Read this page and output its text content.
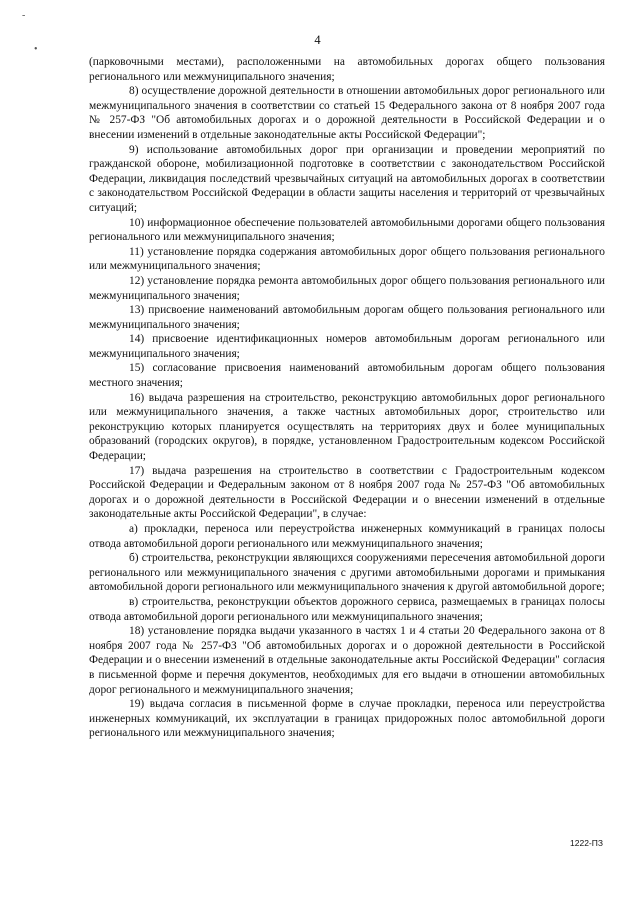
-
•
4

(парковочными местами), расположенными на автомобильных дорогах общего пользования регионального или межмуниципального значения;

8) осуществление дорожной деятельности в отношении автомобильных дорог регионального или межмуниципального значения в соответствии со статьей 15 Федерального закона от 8 ноября 2007 года № 257-ФЗ "Об автомобильных дорогах и о дорожной деятельности в Российской Федерации и о внесении изменений в отдельные законодательные акты Российской Федерации";

9) использование автомобильных дорог при организации и проведении мероприятий по гражданской обороне, мобилизационной подготовке в соответствии с законодательством Российской Федерации, ликвидация последствий чрезвычайных ситуаций на автомобильных дорогах в соответствии с законодательством Российской Федерации в области защиты населения и территорий от чрезвычайных ситуаций;

10) информационное обеспечение пользователей автомобильными дорогами общего пользования регионального или межмуниципального значения;

11) установление порядка содержания автомобильных дорог общего пользования регионального или межмуниципального значения;

12) установление порядка ремонта автомобильных дорог общего пользования регионального или межмуниципального значения;

13) присвоение наименований автомобильным дорогам общего пользования регионального или межмуниципального значения;

14) присвоение идентификационных номеров автомобильным дорогам регионального или межмуниципального значения;

15) согласование присвоения наименований автомобильным дорогам общего пользования местного значения;

16) выдача разрешения на строительство, реконструкцию автомобильных дорог регионального или межмуниципального значения, а также частных автомобильных дорог, строительство или реконструкцию которых планируется осуществлять на территориях двух и более муниципальных образований (городских округов), в порядке, установленном Градостроительным кодексом Российской Федерации;

17) выдача разрешения на строительство в соответствии с Градостроительным кодексом Российской Федерации и Федеральным законом от 8 ноября 2007 года № 257-ФЗ "Об автомобильных дорогах и о дорожной деятельности в Российской Федерации и о внесении изменений в отдельные законодательные акты Российской Федерации", в случае:

а) прокладки, переноса или переустройства инженерных коммуникаций в границах полосы отвода автомобильной дороги регионального или межмуниципального значения;

б) строительства, реконструкции являющихся сооружениями пересечения автомобильной дороги регионального или межмуниципального значения с другими автомобильными дорогами и примыкания автомобильной дороги регионального или межмуниципального значения к другой автомобильной дороге;

в) строительства, реконструкции объектов дорожного сервиса, размещаемых в границах полосы отвода автомобильной дороги регионального или межмуниципального значения;

18) установление порядка выдачи указанного в частях 1 и 4 статьи 20 Федерального закона от 8 ноября 2007 года № 257-ФЗ "Об автомобильных дорогах и о дорожной деятельности в Российской Федерации и о внесении изменений в отдельные законодательные акты Российской Федерации" согласия в письменной форме и перечня документов, необходимых для его выдачи в отношении автомобильных дорог регионального и межмуниципального значения;

19) выдача согласия в письменной форме в случае прокладки, переноса или переустройства инженерных коммуникаций, их эксплуатации в границах придорожных полос автомобильной дороги регионального или межмуниципального значения;

1222-ПЗ
